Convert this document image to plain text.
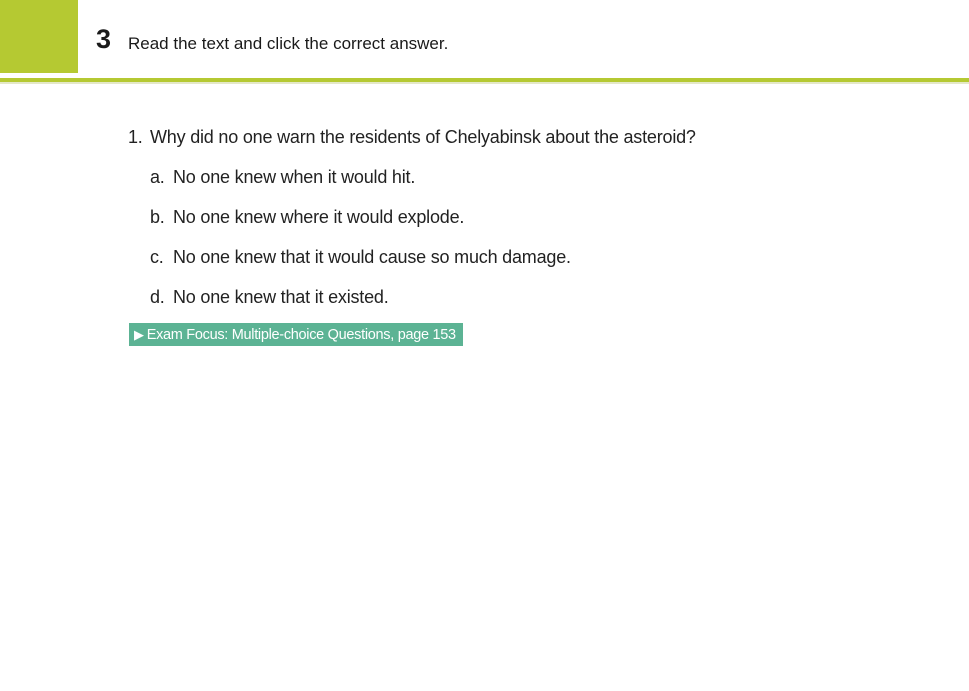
3 Read the text and click the correct answer.
1. Why did no one warn the residents of Chelyabinsk about the asteroid?
a. No one knew when it would hit.
b. No one knew where it would explode.
c. No one knew that it would cause so much damage.
d. No one knew that it existed.
▶ Exam Focus: Multiple-choice Questions, page 153
